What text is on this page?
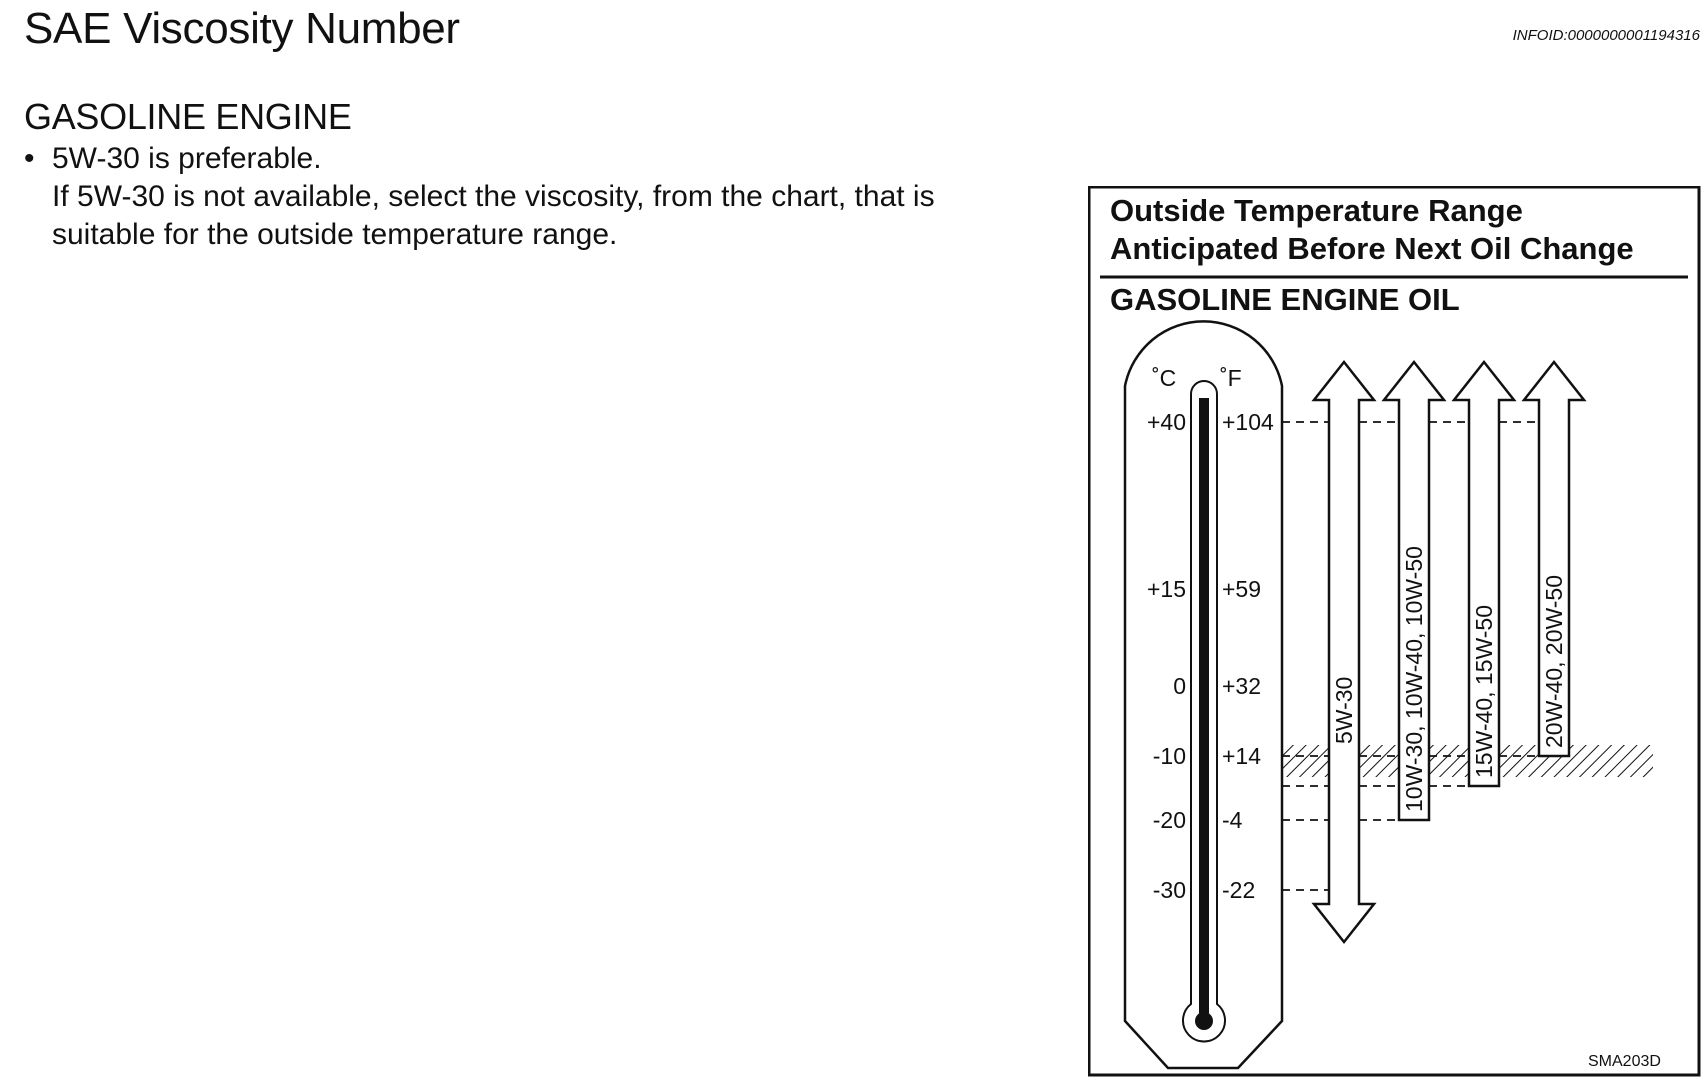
SAE Viscosity Number	INFOID:0000000001194316
GASOLINE ENGINE
• 5W-30 is preferable.
If 5W-30 is not available, select the viscosity, from the chart, that is
suitable for the outside temperature range.
Outside Temperature Range
Anticipated Before Next Oil Change
GASOLINE ENGINE OIL
˚C ˚F
+40 +104
+15 +59
0 +32
-10 +14
-20 -4
-30 -22
5W-30 10W-30, 10W-40, 10W-50 15W-40, 15W-50 20W-40, 20W-50
SMA203D
